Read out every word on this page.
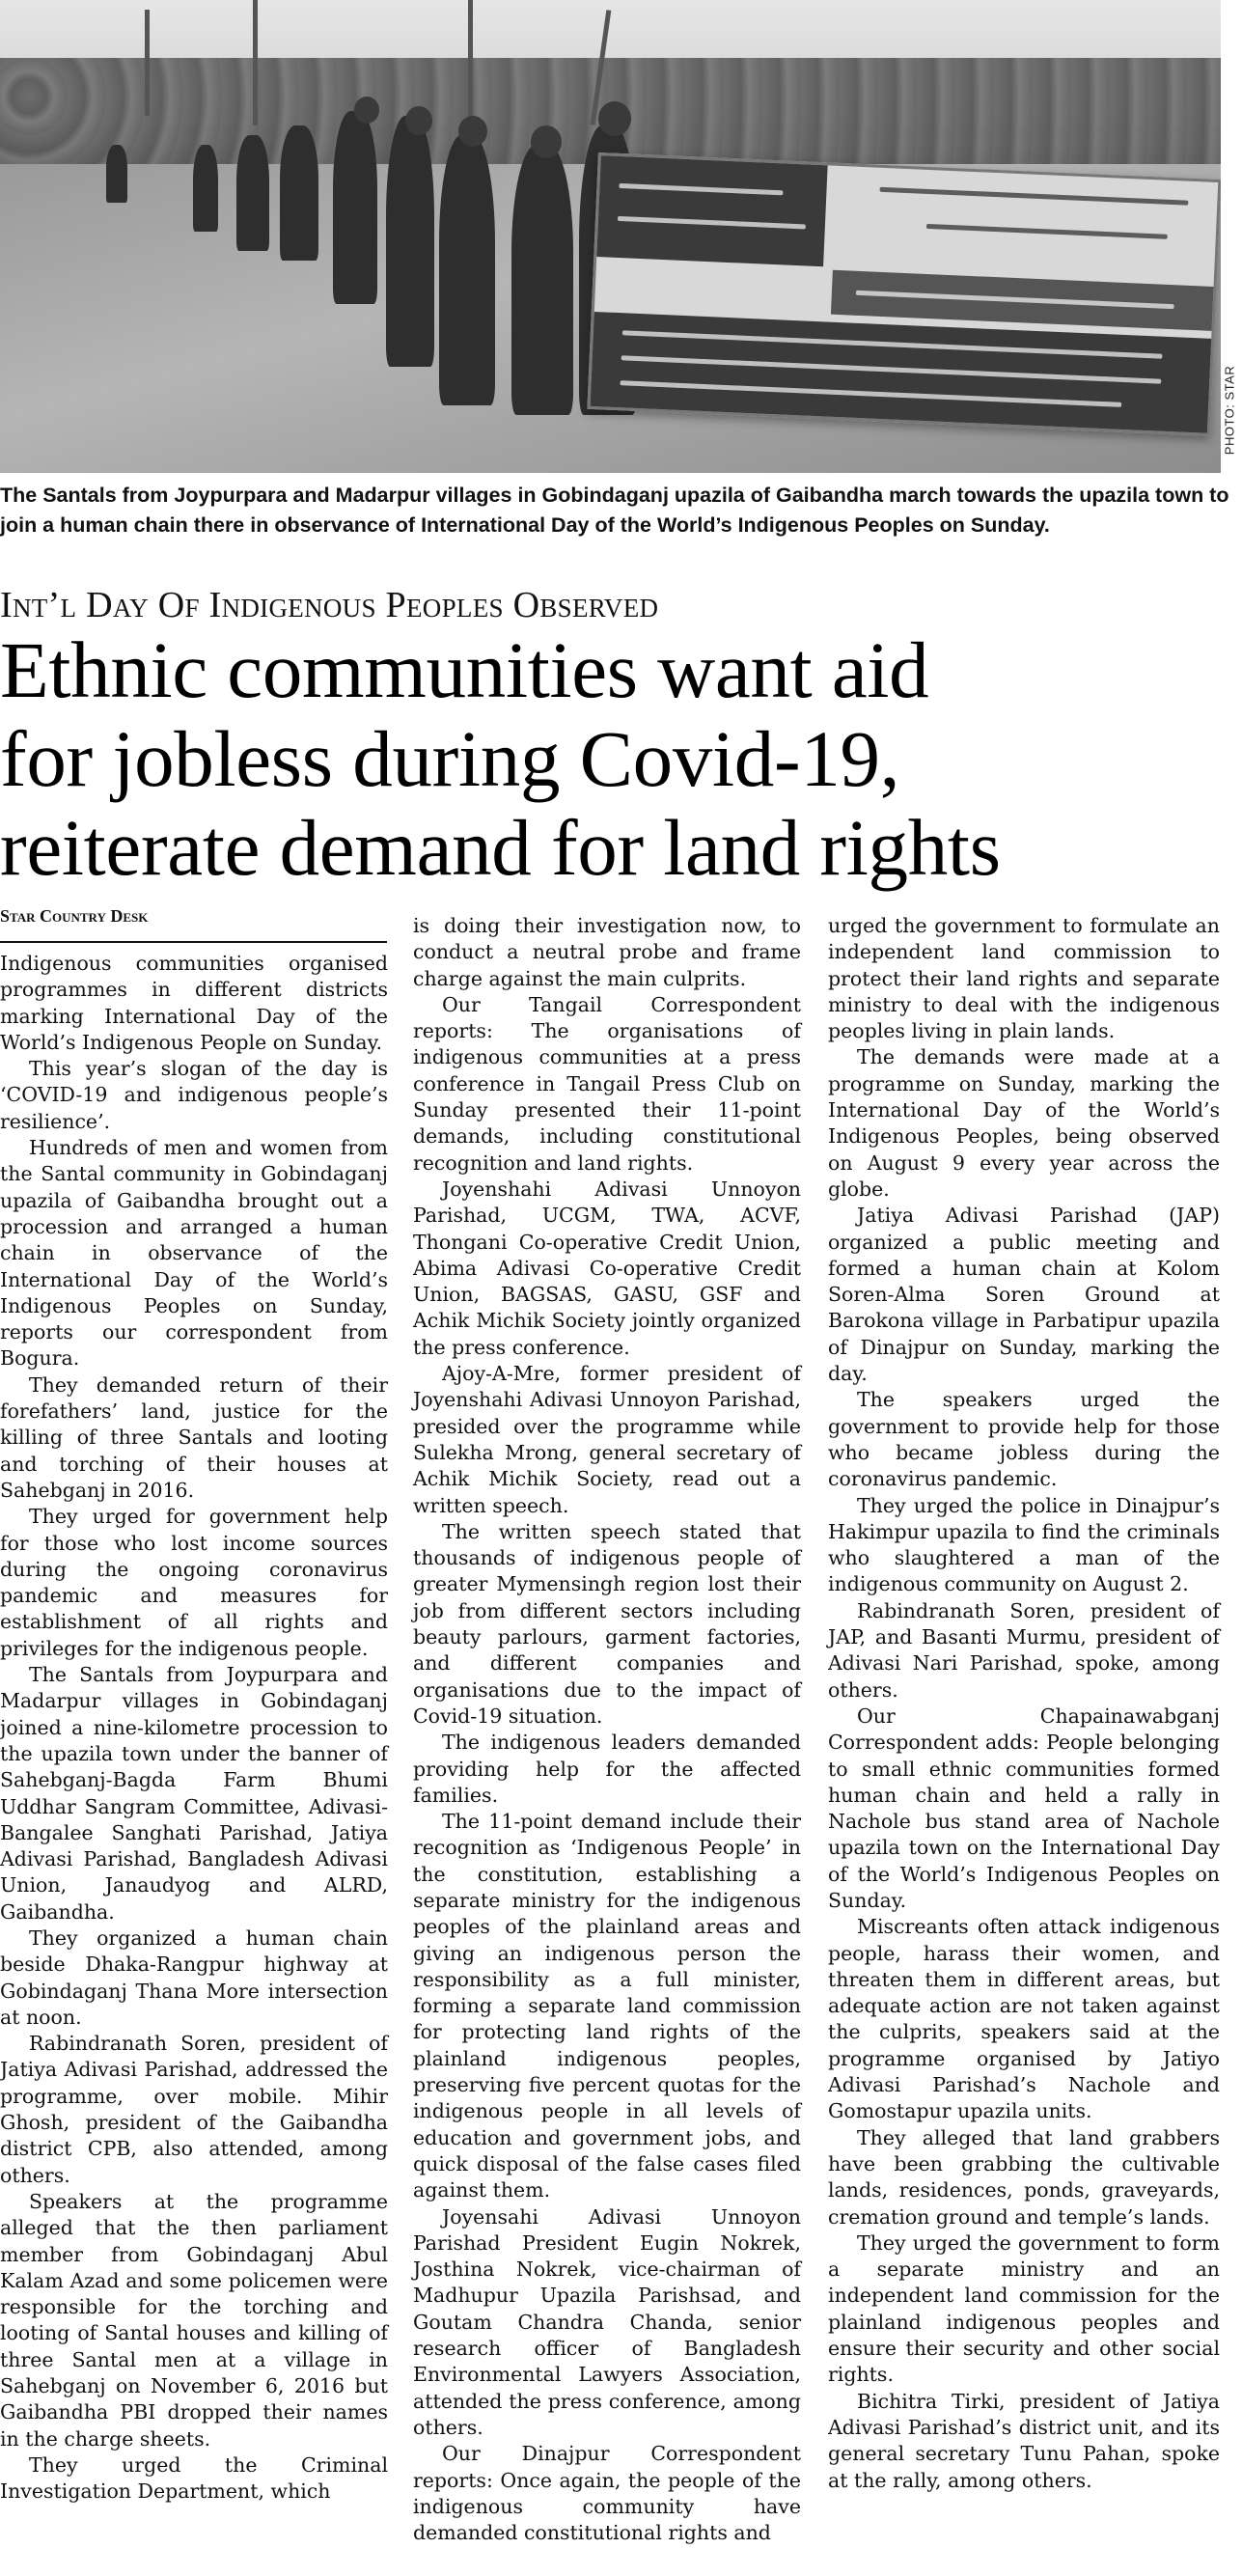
PHOTO: STAR
The Santals from Joypurpara and Madarpur villages in Gobindaganj upazila of Gaibandha march towards the upazila town to join a human chain there in observance of International Day of the World’s Indigenous Peoples on Sunday.
Int’l Day Of Indigenous Peoples Observed
Ethnic communities want aid
for jobless during Covid-19,
reiterate demand for land rights
Star Country Desk

Indigenous communities organised programmes in different districts marking International Day of the World’s Indigenous People on Sunday.

This year’s slogan of the day is ‘COVID-19 and indigenous people’s resilience’.

Hundreds of men and women from the Santal community in Gobindaganj upazila of Gaibandha brought out a procession and arranged a human chain in observance of the International Day of the World’s Indigenous Peoples on Sunday, reports our correspondent from Bogura.

They demanded return of their forefathers’ land, justice for the killing of three Santals and looting and torching of their houses at Sahebganj in 2016.

They urged for government help for those who lost income sources during the ongoing coronavirus pandemic and measures for establishment of all rights and privileges for the indigenous people.

The Santals from Joypurpara and Madarpur villages in Gobindaganj joined a nine-kilometre procession to the upazila town under the banner of Sahebganj-Bagda Farm Bhumi Uddhar Sangram Committee, Adivasi-Bangalee Sanghati Parishad, Jatiya Adivasi Parishad, Bangladesh Adivasi Union, Janaudyog and ALRD, Gaibandha.

They organized a human chain beside Dhaka-Rangpur highway at Gobindaganj Thana More intersection at noon.

Rabindranath Soren, president of Jatiya Adivasi Parishad, addressed the programme, over mobile. Mihir Ghosh, president of the Gaibandha district CPB, also attended, among others.

Speakers at the programme alleged that the then parliament member from Gobindaganj Abul Kalam Azad and some policemen were responsible for the torching and looting of Santal houses and killing of three Santal men at a village in Sahebganj on November 6, 2016 but Gaibandha PBI dropped their names in the charge sheets.

They urged the Criminal Investigation Department, which

is doing their investigation now, to conduct a neutral probe and frame charge against the main culprits.

Our Tangail Correspondent reports: The organisations of indigenous communities at a press conference in Tangail Press Club on Sunday presented their 11-point demands, including constitutional recognition and land rights.

Joyenshahi Adivasi Unnoyon Parishad, UCGM, TWA, ACVF, Thongani Co-operative Credit Union, Abima Adivasi Co-operative Credit Union, BAGSAS, GASU, GSF and Achik Michik Society jointly organized the press conference.

Ajoy-A-Mre, former president of Joyenshahi Adivasi Unnoyon Parishad, presided over the programme while Sulekha Mrong, general secretary of Achik Michik Society, read out a written speech.

The written speech stated that thousands of indigenous people of greater Mymensingh region lost their job from different sectors including beauty parlours, garment factories, and different companies and organisations due to the impact of Covid-19 situation.

The indigenous leaders demanded providing help for the affected families.

The 11-point demand include their recognition as ‘Indigenous People’ in the constitution, establishing a separate ministry for the indigenous peoples of the plainland areas and giving an indigenous person the responsibility as a full minister, forming a separate land commission for protecting land rights of the plainland indigenous peoples, preserving five percent quotas for the indigenous people in all levels of education and government jobs, and quick disposal of the false cases filed against them.

Joyensahi Adivasi Unnoyon Parishad President Eugin Nokrek, Josthina Nokrek, vice-chairman of Madhupur Upazila Parishsad, and Goutam Chandra Chanda, senior research officer of Bangladesh Environmental Lawyers Association, attended the press conference, among others.

Our Dinajpur Correspondent reports: Once again, the people of the indigenous community have demanded constitutional rights and

urged the government to formulate an independent land commission to protect their land rights and separate ministry to deal with the indigenous peoples living in plain lands.

The demands were made at a programme on Sunday, marking the International Day of the World’s Indigenous Peoples, being observed on August 9 every year across the globe.

Jatiya Adivasi Parishad (JAP) organized a public meeting and formed a human chain at Kolom Soren-Alma Soren Ground at Barokona village in Parbatipur upazila of Dinajpur on Sunday, marking the day.

The speakers urged the government to provide help for those who became jobless during the coronavirus pandemic.

They urged the police in Dinajpur’s Hakimpur upazila to find the criminals who slaughtered a man of the indigenous community on August 2.

Rabindranath Soren, president of JAP, and Basanti Murmu, president of Adivasi Nari Parishad, spoke, among others.

Our Chapainawabganj Correspondent adds: People belonging to small ethnic communities formed human chain and held a rally in Nachole bus stand area of Nachole upazila town on the International Day of the World’s Indigenous Peoples on Sunday.

Miscreants often attack indigenous people, harass their women, and threaten them in different areas, but adequate action are not taken against the culprits, speakers said at the programme organised by Jatiyo Adivasi Parishad’s Nachole and Gomostapur upazila units.

They alleged that land grabbers have been grabbing the cultivable lands, residences, ponds, graveyards, cremation ground and temple’s lands.

They urged the government to form a separate ministry and an independent land commission for the plainland indigenous peoples and ensure their security and other social rights.

Bichitra Tirki, president of Jatiya Adivasi Parishad’s district unit, and its general secretary Tunu Pahan, spoke at the rally, among others.
